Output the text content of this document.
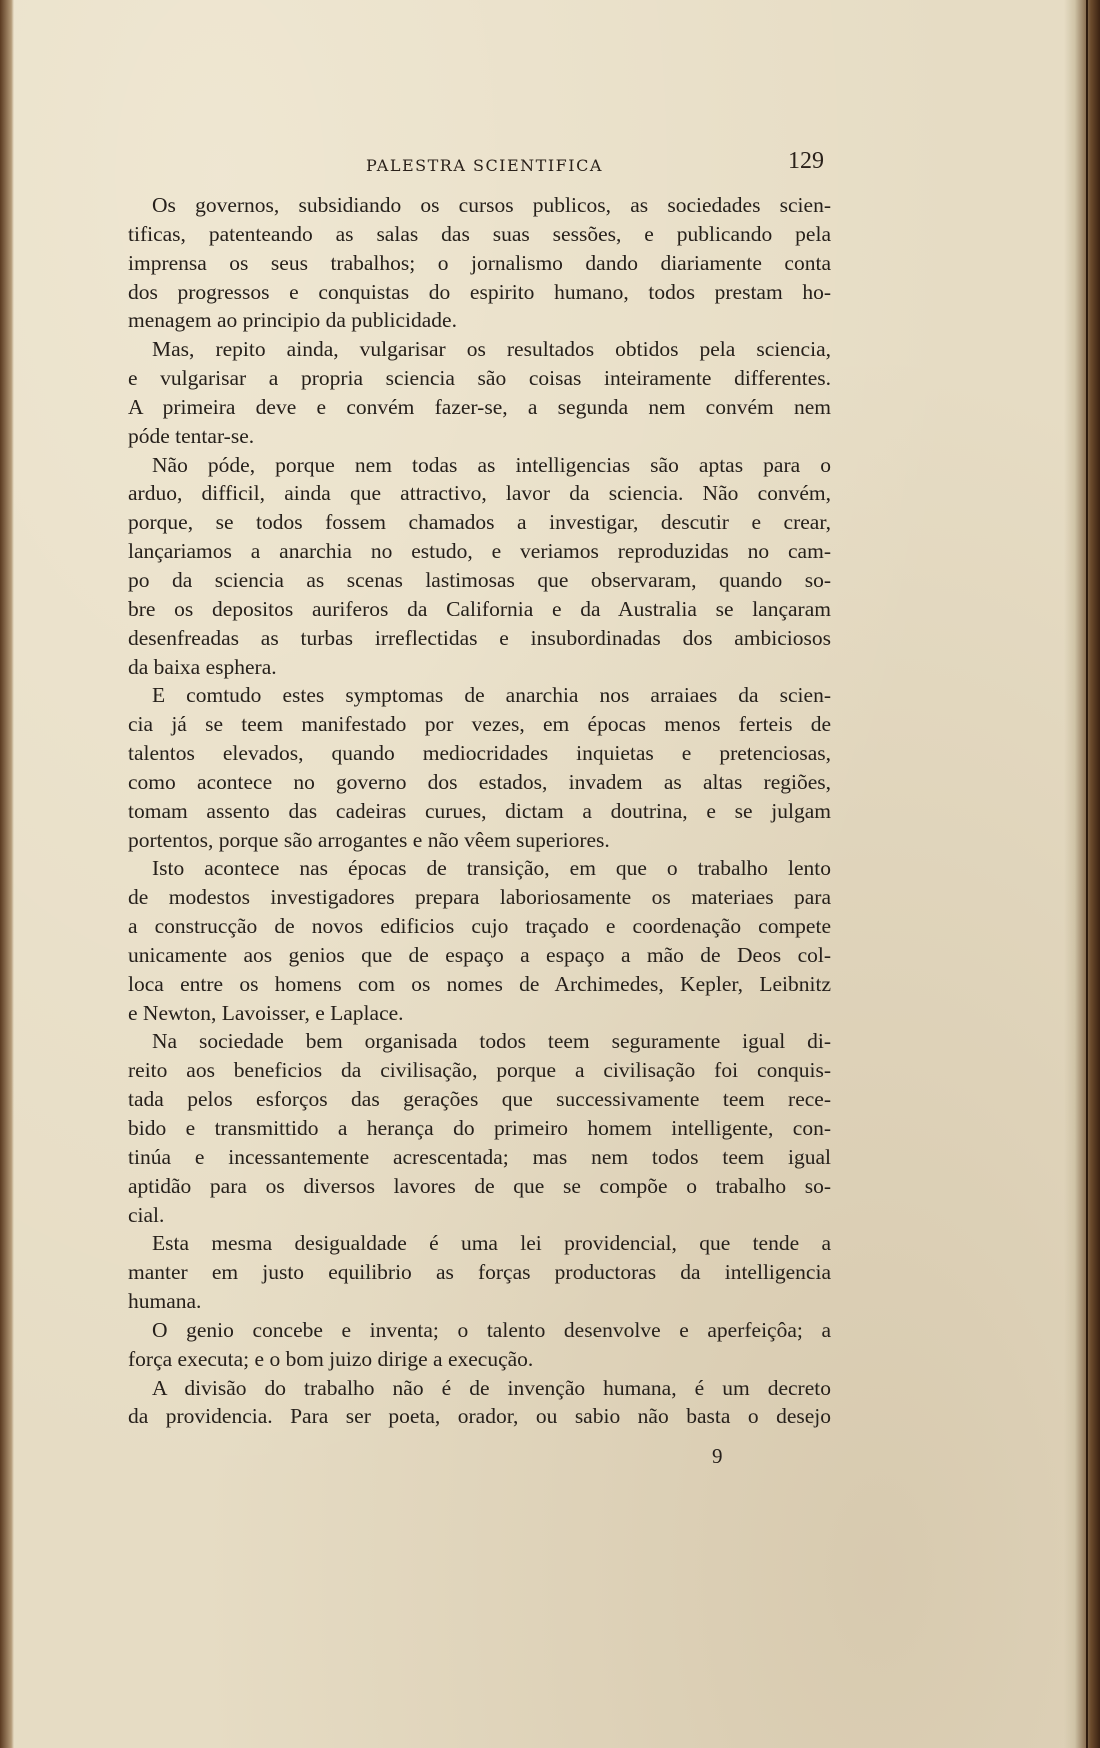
PALESTRA SCIENTIFICA	129
Os governos, subsidiando os cursos publicos, as sociedades scien-
tificas, patenteando as salas das suas sessões, e publicando pela
imprensa os seus trabalhos; o jornalismo dando diariamente conta
dos progressos e conquistas do espirito humano, todos prestam ho-
menagem ao principio da publicidade.
Mas, repito ainda, vulgarisar os resultados obtidos pela sciencia,
e vulgarisar a propria sciencia são coisas inteiramente differentes.
A primeira deve e convém fazer-se, a segunda nem convém nem
póde tentar-se.
Não póde, porque nem todas as intelligencias são aptas para o
arduo, difficil, ainda que attractivo, lavor da sciencia. Não convém,
porque, se todos fossem chamados a investigar, descutir e crear,
lançariamos a anarchia no estudo, e veriamos reproduzidas no cam-
po da sciencia as scenas lastimosas que observaram, quando so-
bre os depositos auriferos da California e da Australia se lançaram
desenfreadas as turbas irreflectidas e insubordinadas dos ambiciosos
da baixa esphera.
E comtudo estes symptomas de anarchia nos arraiaes da scien-
cia já se teem manifestado por vezes, em épocas menos ferteis de
talentos elevados, quando mediocridades inquietas e pretenciosas,
como acontece no governo dos estados, invadem as altas regiões,
tomam assento das cadeiras curues, dictam a doutrina, e se julgam
portentos, porque são arrogantes e não vêem superiores.
Isto acontece nas épocas de transição, em que o trabalho lento
de modestos investigadores prepara laboriosamente os materiaes para
a construcção de novos edificios cujo traçado e coordenação compete
unicamente aos genios que de espaço a espaço a mão de Deos col-
loca entre os homens com os nomes de Archimedes, Kepler, Leibnitz
e Newton, Lavoisser, e Laplace.
Na sociedade bem organisada todos teem seguramente igual di-
reito aos beneficios da civilisação, porque a civilisação foi conquis-
tada pelos esforços das gerações que successivamente teem rece-
bido e transmittido a herança do primeiro homem intelligente, con-
tinúa e incessantemente acrescentada; mas nem todos teem igual
aptidão para os diversos lavores de que se compõe o trabalho so-
cial.
Esta mesma desigualdade é uma lei providencial, que tende a
manter em justo equilibrio as forças productoras da intelligencia
humana.
O genio concebe e inventa; o talento desenvolve e aperfeiçôa; a
força executa; e o bom juizo dirige a execução.
A divisão do trabalho não é de invenção humana, é um decreto
da providencia. Para ser poeta, orador, ou sabio não basta o desejo
9
